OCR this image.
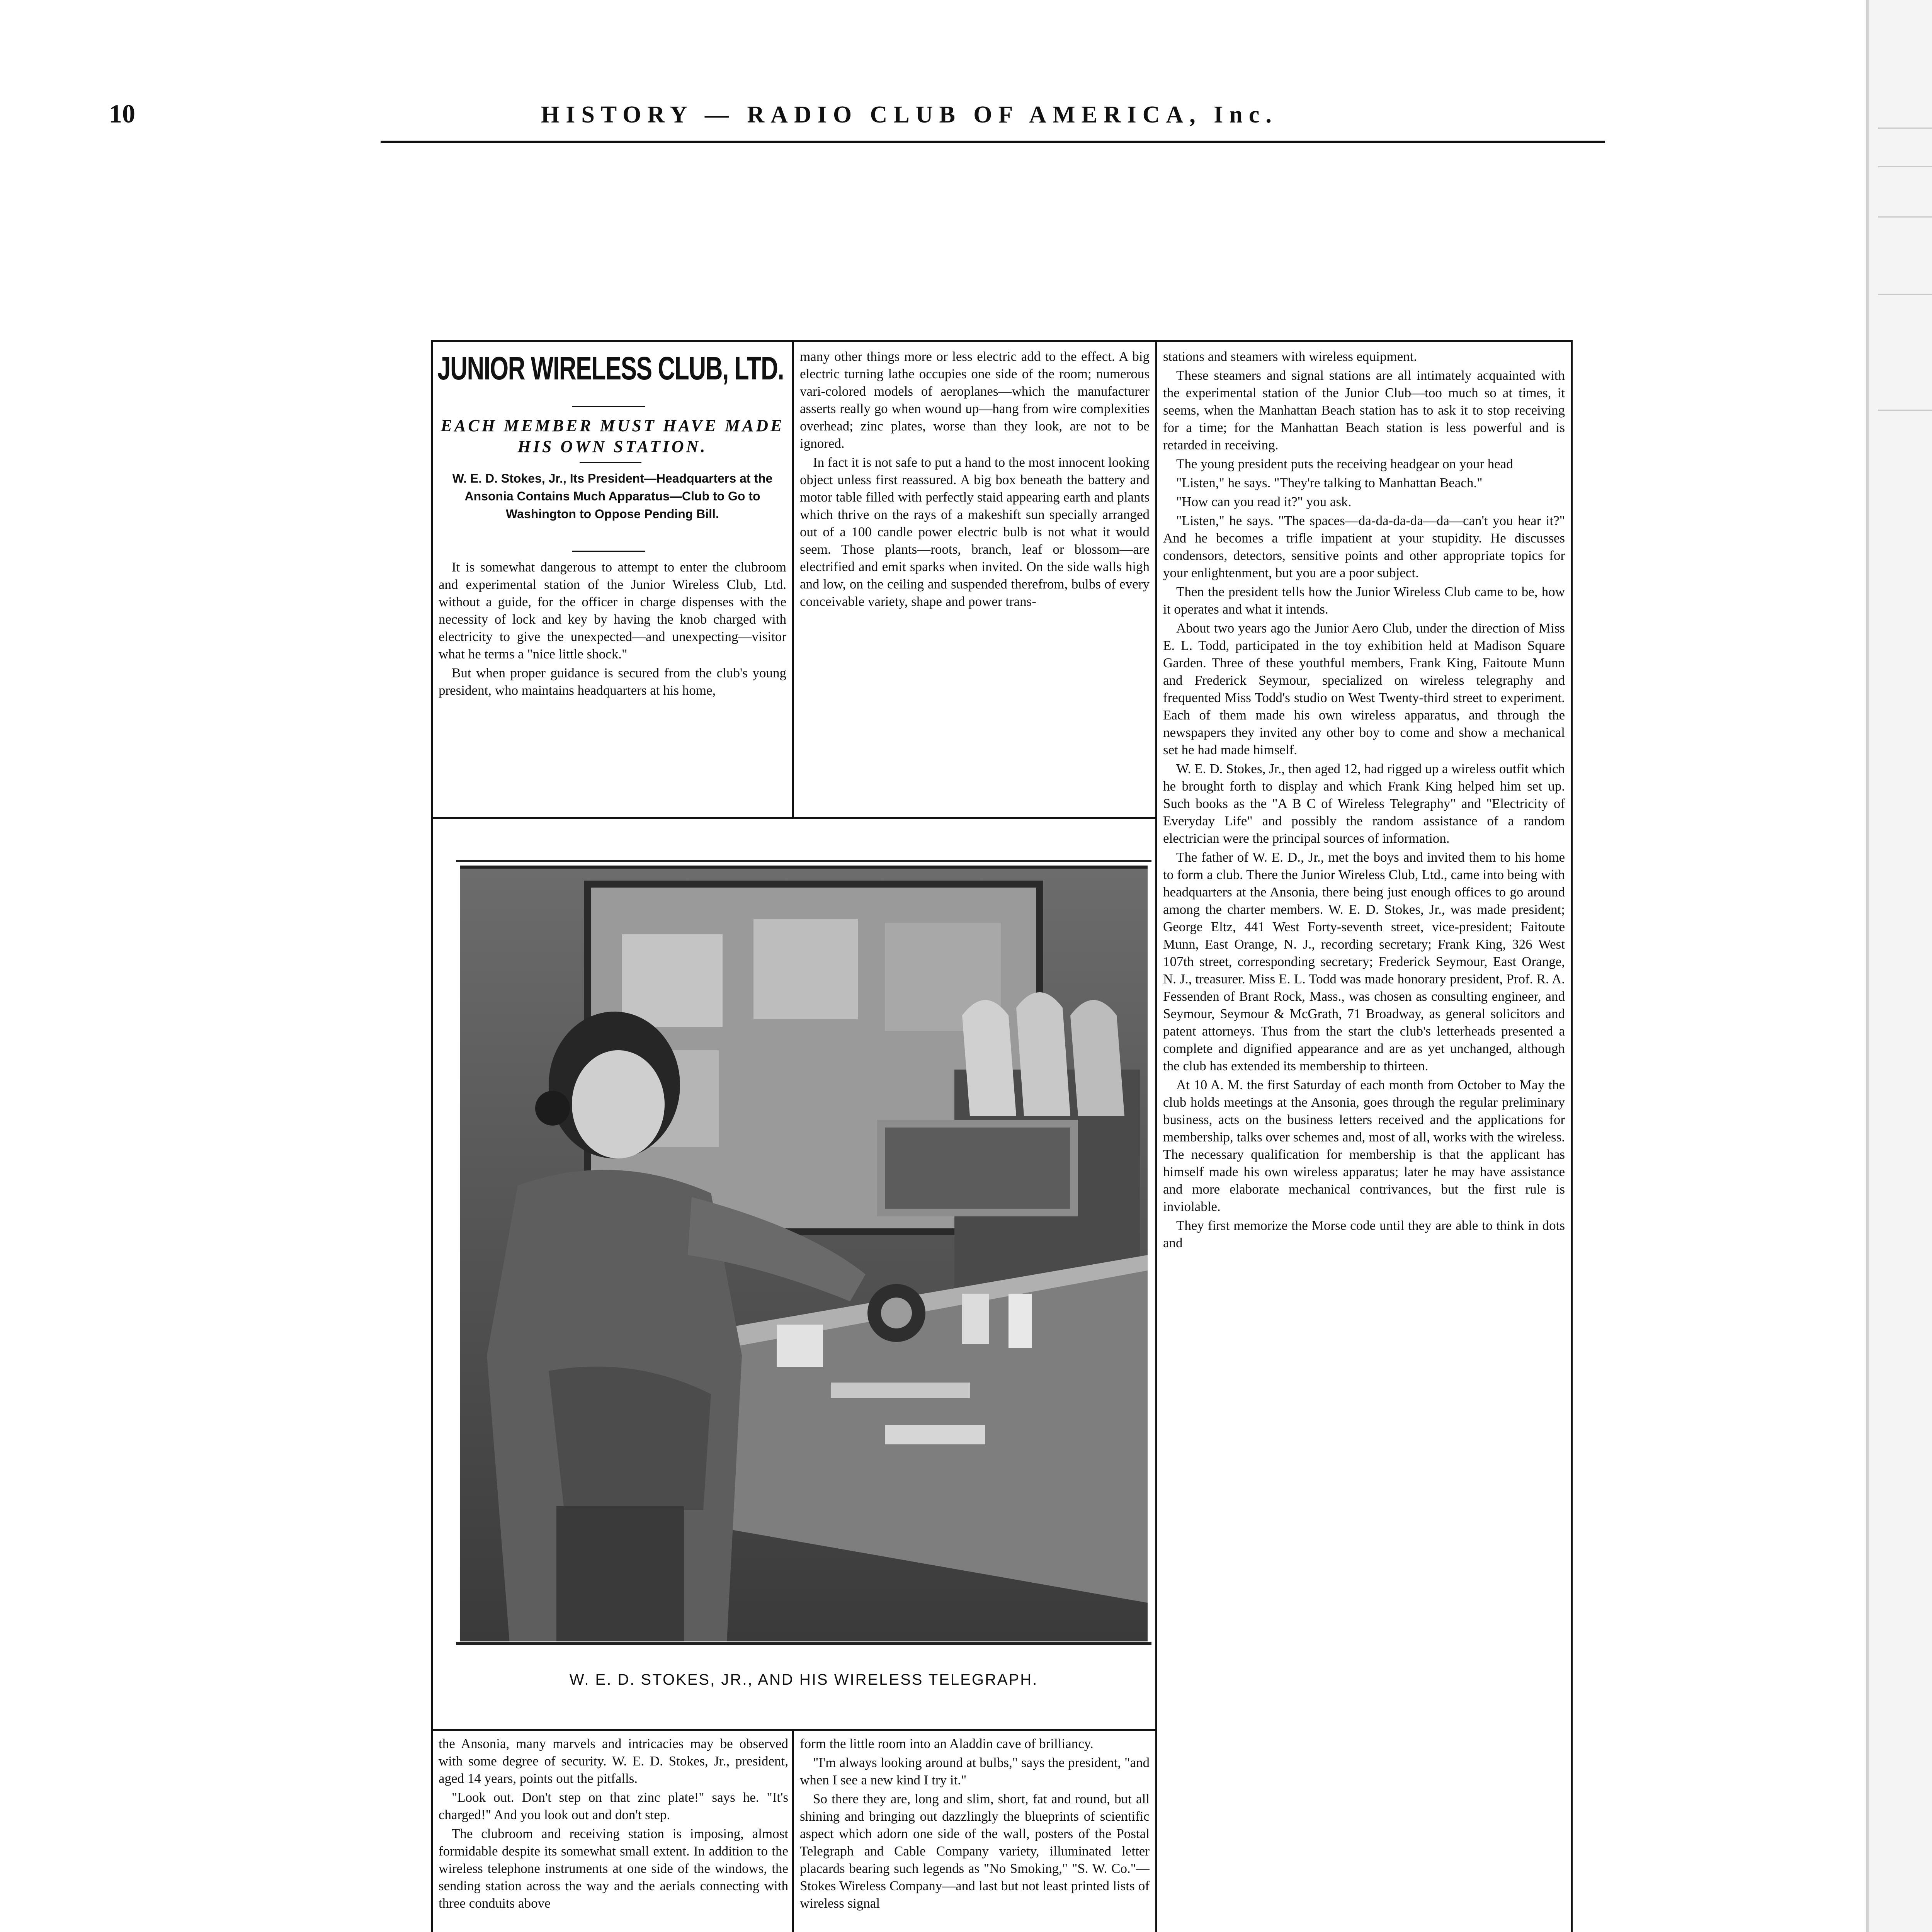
10	HISTORY — RADIO CLUB OF AMERICA, Inc.
JUNIOR WIRELESS CLUB, LTD.
EACH MEMBER MUST HAVE MADE HIS OWN STATION.
W. E. D. Stokes, Jr., Its President—Headquarters at the Ansonia Contains Much Apparatus—Club to Go to Washington to Oppose Pending Bill.

It is somewhat dangerous to attempt to enter the clubroom and experimental station of the Junior Wireless Club, Ltd. without a guide, for the officer in charge dispenses with the necessity of lock and key by having the knob charged with electricity to give the unexpected—and unexpecting—visitor what he terms a "nice little shock."

But when proper guidance is secured from the club's young president, who maintains headquarters at his home,

many other things more or less electric add to the effect. A big electric turning lathe occupies one side of the room; numerous vari-colored models of aeroplanes—which the manufacturer asserts really go when wound up—hang from wire complexities overhead; zinc plates, worse than they look, are not to be ignored.

In fact it is not safe to put a hand to the most innocent looking object unless first reassured. A big box beneath the battery and motor table filled with perfectly staid appearing earth and plants which thrive on the rays of a makeshift sun specially arranged out of a 100 candle power electric bulb is not what it would seem. Those plants—roots, branch, leaf or blossom—are electrified and emit sparks when invited. On the side walls high and low, on the ceiling and suspended therefrom, bulbs of every conceivable variety, shape and power trans-

stations and steamers with wireless equipment.

These steamers and signal stations are all intimately acquainted with the experimental station of the Junior Club—too much so at times, it seems, when the Manhattan Beach station has to ask it to stop receiving for a time; for the Manhattan Beach station is less powerful and is retarded in receiving.

The young president puts the receiving headgear on your head

"Listen," he says. "They're talking to Manhattan Beach."

"How can you read it?" you ask.

"Listen," he says. "The spaces—da-da-da-da—da—can't you hear it?" And he becomes a trifle impatient at your stupidity. He discusses condensors, detectors, sensitive points and other appropriate topics for your enlightenment, but you are a poor subject.

Then the president tells how the Junior Wireless Club came to be, how it operates and what it intends.

About two years ago the Junior Aero Club, under the direction of Miss E. L. Todd, participated in the toy exhibition held at Madison Square Garden. Three of these youthful members, Frank King, Faitoute Munn and Frederick Seymour, specialized on wireless telegraphy and frequented Miss Todd's studio on West Twenty-third street to experiment. Each of them made his own wireless apparatus, and through the newspapers they invited any other boy to come and show a mechanical set he had made himself.

W. E. D. Stokes, Jr., then aged 12, had rigged up a wireless outfit which he brought forth to display and which Frank King helped him set up. Such books as the "A B C of Wireless Telegraphy" and "Electricity of Everyday Life" and possibly the random assistance of a random electrician were the principal sources of information.

The father of W. E. D., Jr., met the boys and invited them to his home to form a club. There the Junior Wireless Club, Ltd., came into being with headquarters at the Ansonia, there being just enough offices to go around among the charter members. W. E. D. Stokes, Jr., was made president; George Eltz, 441 West Forty-seventh street, vice-president; Faitoute Munn, East Orange, N. J., recording secretary; Frank King, 326 West 107th street, corresponding secretary; Frederick Seymour, East Orange, N. J., treasurer. Miss E. L. Todd was made honorary president, Prof. R. A. Fessenden of Brant Rock, Mass., was chosen as consulting engineer, and Seymour, Seymour & McGrath, 71 Broadway, as general solicitors and patent attorneys. Thus from the start the club's letterheads presented a complete and dignified appearance and are as yet unchanged, although the club has extended its membership to thirteen.

At 10 A. M. the first Saturday of each month from October to May the club holds meetings at the Ansonia, goes through the regular preliminary business, acts on the business letters received and the applications for membership, talks over schemes and, most of all, works with the wireless. The necessary qualification for membership is that the applicant has himself made his own wireless apparatus; later he may have assistance and more elaborate mechanical contrivances, but the first rule is inviolable.

They first memorize the Morse code until they are able to think in dots and

W. E. D. STOKES, JR., AND HIS WIRELESS TELEGRAPH.

the Ansonia, many marvels and intricacies may be observed with some degree of security. W. E. D. Stokes, Jr., president, aged 14 years, points out the pitfalls.

"Look out. Don't step on that zinc plate!" says he. "It's charged!" And you look out and don't step.

The clubroom and receiving station is imposing, almost formidable despite its somewhat small extent. In addition to the wireless telephone instruments at one side of the windows, the sending station across the way and the aerials connecting with three conduits above

form the little room into an Aladdin cave of brilliancy.

"I'm always looking around at bulbs," says the president, "and when I see a new kind I try it."

So there they are, long and slim, short, fat and round, but all shining and bringing out dazzlingly the blueprints of scientific aspect which adorn one side of the wall, posters of the Postal Telegraph and Cable Company variety, illuminated letter placards bearing such legends as "No Smoking," "S. W. Co."—Stokes Wireless Company—and last but not least printed lists of wireless signal
